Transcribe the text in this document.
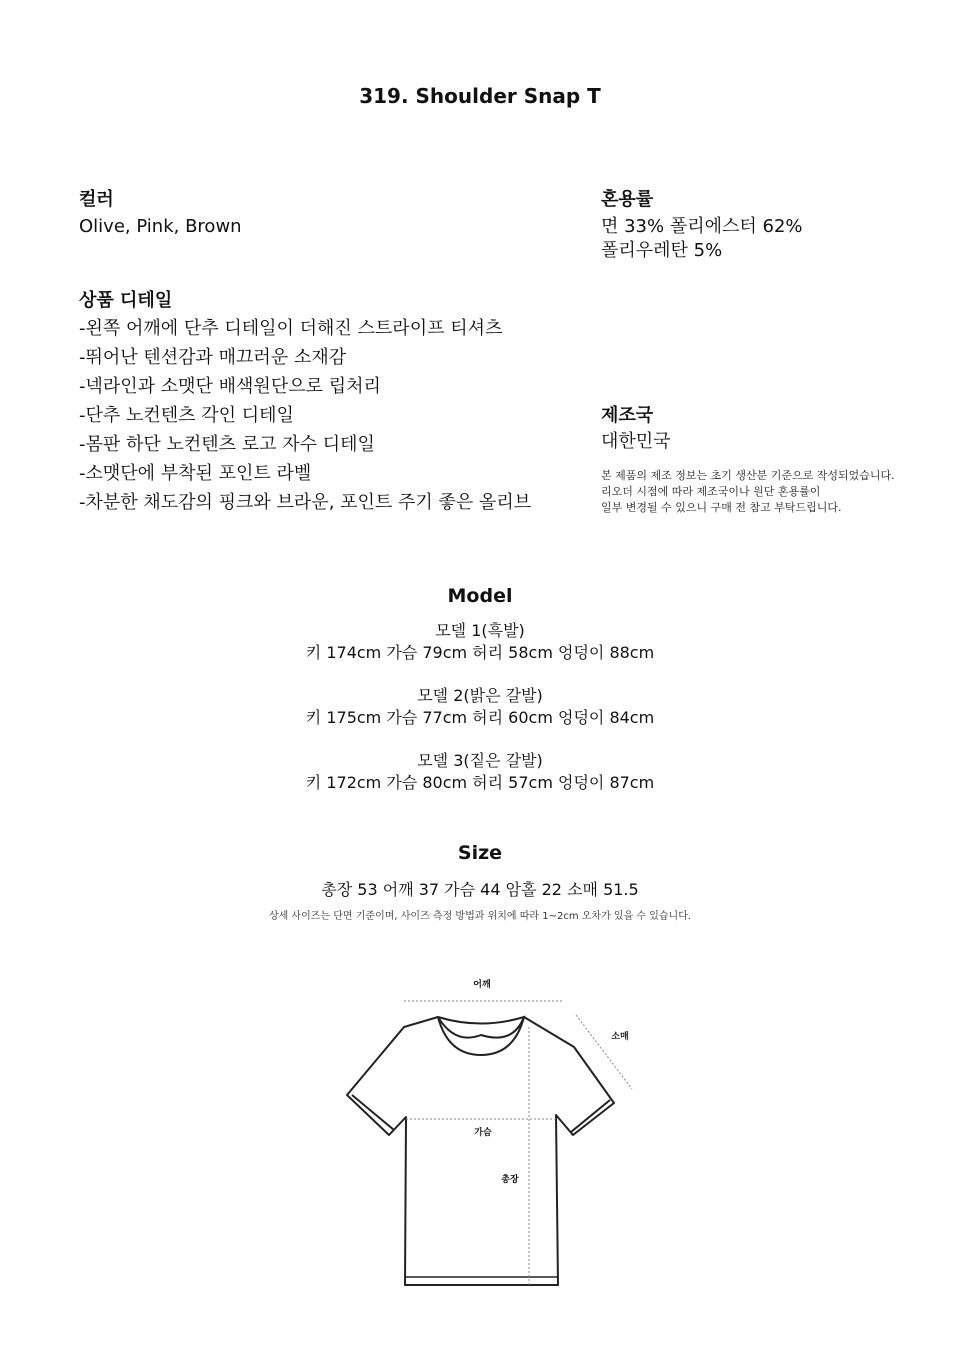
319. Shoulder Snap T
컬러
Olive, Pink, Brown
혼용률
면 33% 폴리에스터 62%
폴리우레탄 5%
상품 디테일
-왼쪽 어깨에 단추 디테일이 더해진 스트라이프 티셔츠
-뛰어난 텐션감과 매끄러운 소재감
-넥라인과 소맷단 배색원단으로 립처리
-단추 노컨텐츠 각인 디테일
-몸판 하단 노컨텐츠 로고 자수 디테일
-소맷단에 부착된 포인트 라벨
-차분한 채도감의 핑크와 브라운, 포인트 주기 좋은 올리브
제조국
대한민국
본 제품의 제조 정보는 초기 생산분 기준으로 작성되었습니다.
리오더 시점에 따라 제조국이나 원단 혼용률이
일부 변경될 수 있으니 구매 전 참고 부탁드립니다.
Model
모델 1(흑발)
키 174cm 가슴 79cm 허리 58cm 엉덩이 88cm
모델 2(밝은 갈발)
키 175cm 가슴 77cm 허리 60cm 엉덩이 84cm
모델 3(짙은 갈발)
키 172cm 가슴 80cm 허리 57cm 엉덩이 87cm
Size
총장 53 어깨 37 가슴 44 암홀 22 소매 51.5
상세 사이즈는 단면 기준이며, 사이즈 측정 방법과 위치에 따라 1~2cm 오차가 있을 수 있습니다.
어깨
소매
가슴
총장
